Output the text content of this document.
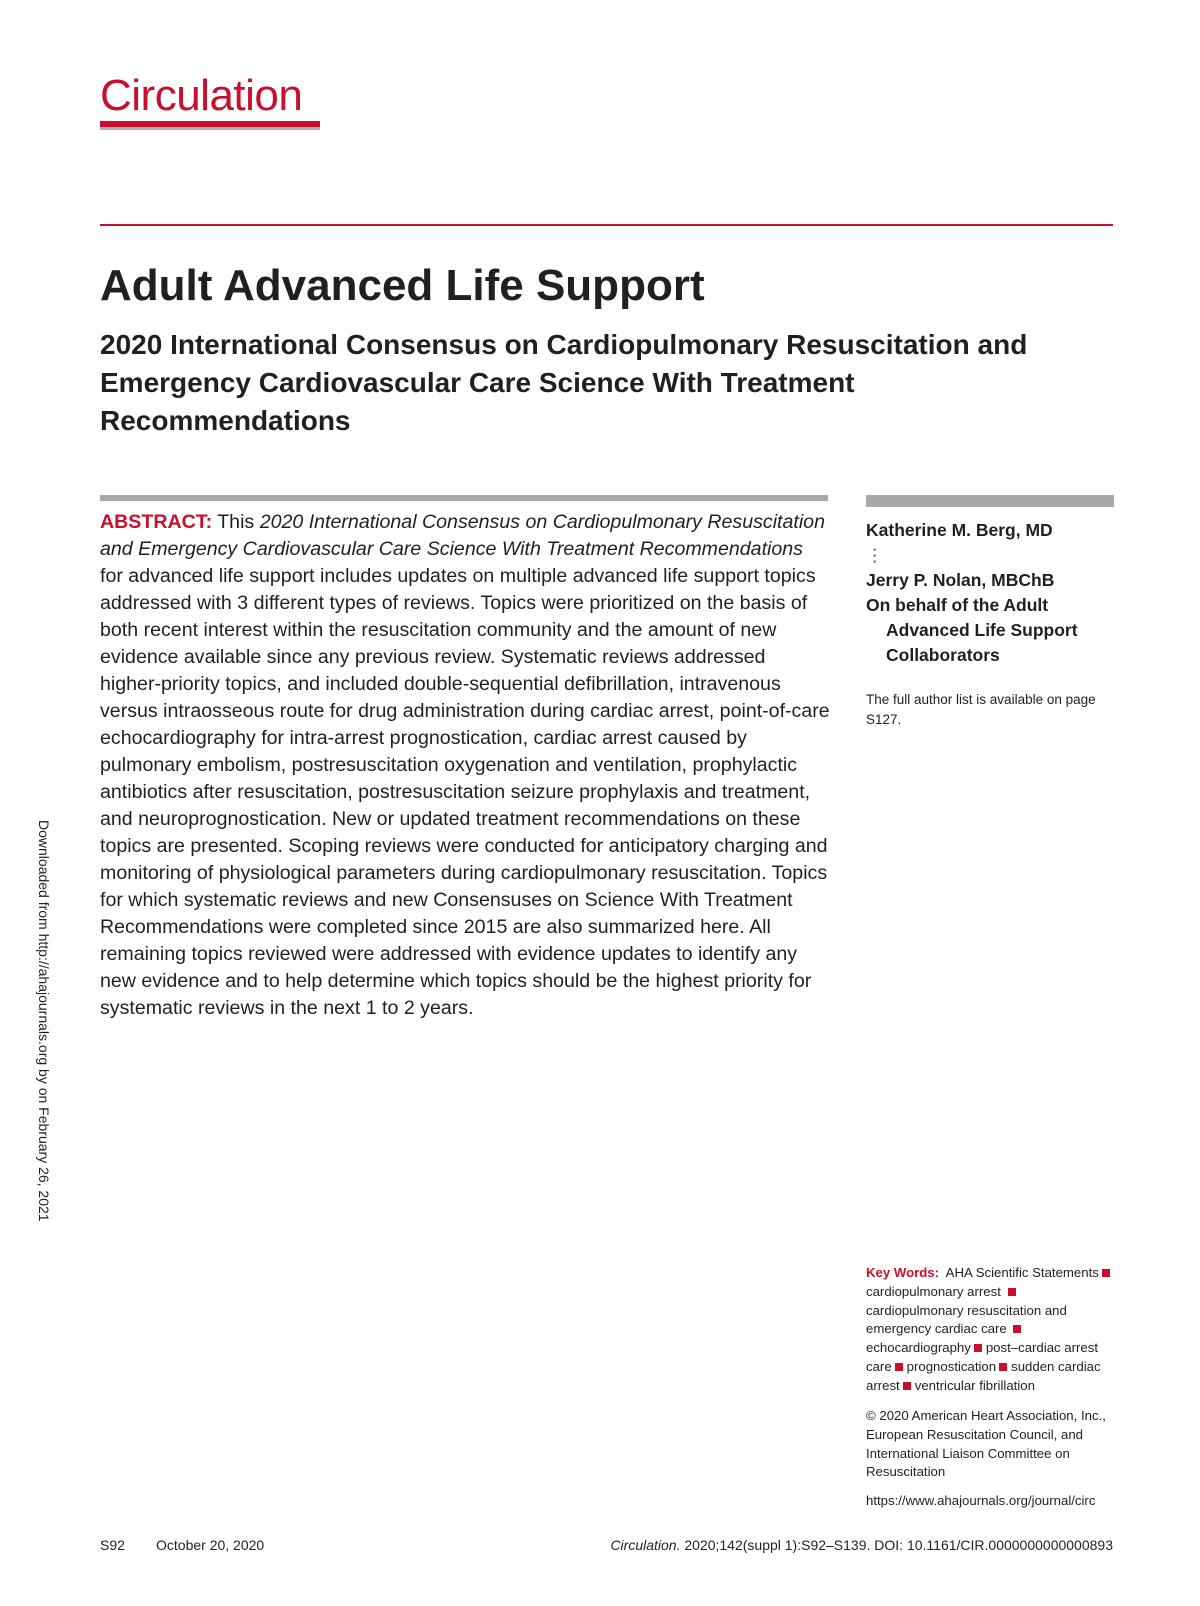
Circulation
Adult Advanced Life Support
2020 International Consensus on Cardiopulmonary Resuscitation and Emergency Cardiovascular Care Science With Treatment Recommendations

ABSTRACT: This 2020 International Consensus on Cardiopulmonary Resuscitation and Emergency Cardiovascular Care Science With Treatment Recommendations for advanced life support includes updates on multiple advanced life support topics addressed with 3 different types of reviews. Topics were prioritized on the basis of both recent interest within the resuscitation community and the amount of new evidence available since any previous review. Systematic reviews addressed higher-priority topics, and included double-sequential defibrillation, intravenous versus intraosseous route for drug administration during cardiac arrest, point-of-care echocardiography for intra-arrest prognostication, cardiac arrest caused by pulmonary embolism, postresuscitation oxygenation and ventilation, prophylactic antibiotics after resuscitation, postresuscitation seizure prophylaxis and treatment, and neuroprognostication. New or updated treatment recommendations on these topics are presented. Scoping reviews were conducted for anticipatory charging and monitoring of physiological parameters during cardiopulmonary resuscitation. Topics for which systematic reviews and new Consensuses on Science With Treatment Recommendations were completed since 2015 are also summarized here. All remaining topics reviewed were addressed with evidence updates to identify any new evidence and to help determine which topics should be the highest priority for systematic reviews in the next 1 to 2 years.

Katherine M. Berg, MD
⋮
Jerry P. Nolan, MBChB
On behalf of the Adult
Advanced Life Support
Collaborators
The full author list is available on page S127.
Key Words: AHA Scientific Statementscardiopulmonary arrest cardiopulmonary resuscitation and emergency cardiac care echocardiography post–cardiac arrest care prognostication sudden cardiac arrest ventricular fibrillation
© 2020 American Heart Association, Inc., European Resuscitation Council, and International Liaison Committee on Resuscitation
https://www.ahajournals.org/journal/circ
Downloaded from http://ahajournals.org by on February 26, 2021
S92 October 20, 2020	Circulation. 2020;142(suppl 1):S92–S139. DOI: 10.1161/CIR.0000000000000893
